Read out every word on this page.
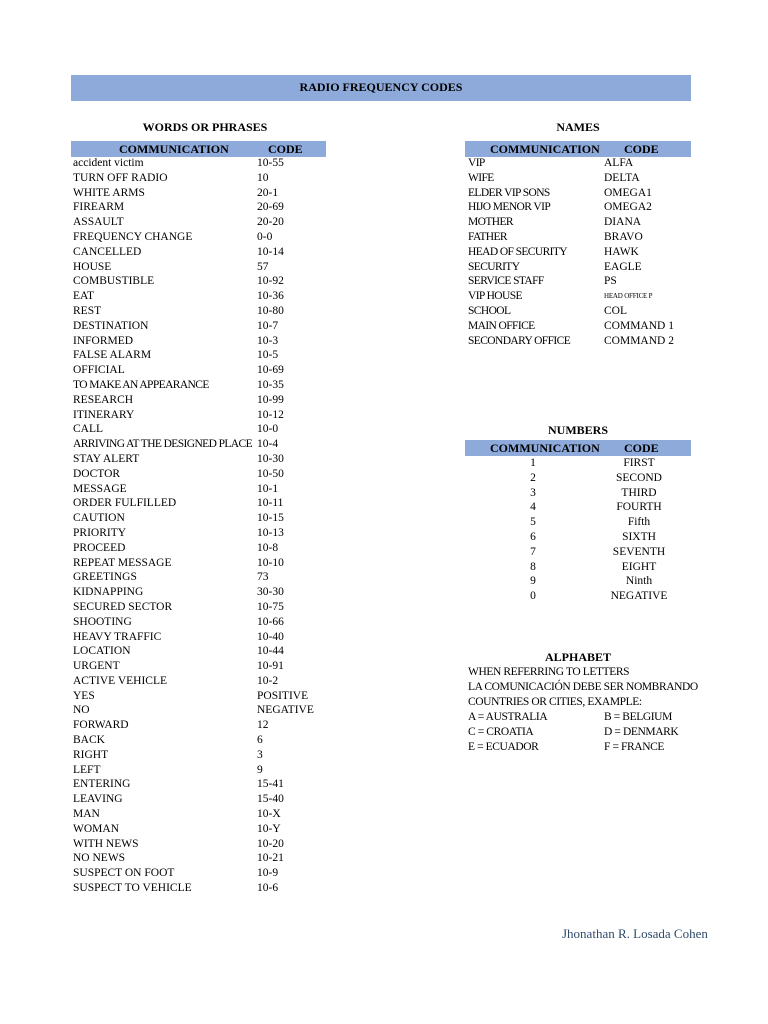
RADIO FREQUENCY CODES
WORDS OR PHRASES
COMMUNICATION	CODE
accident victim	10-55
TURN OFF RADIO	10
WHITE ARMS	20-1
FIREARM	20-69
ASSAULT	20-20
FREQUENCY CHANGE	0-0
CANCELLED	10-14
HOUSE	57
COMBUSTIBLE	10-92
EAT	10-36
REST	10-80
DESTINATION	10-7
INFORMED	10-3
FALSE ALARM	10-5
OFFICIAL	10-69
TO MAKE AN APPEARANCE	10-35
RESEARCH	10-99
ITINERARY	10-12
CALL	10-0
ARRIVING AT THE DESIGNED PLACE 10-4
STAY ALERT	10-30
DOCTOR	10-50
MESSAGE	10-1
ORDER FULFILLED	10-11
CAUTION	10-15
PRIORITY	10-13
PROCEED	10-8
REPEAT MESSAGE	10-10
GREETINGS	73
KIDNAPPING	30-30
SECURED SECTOR	10-75
SHOOTING	10-66
HEAVY TRAFFIC	10-40
LOCATION	10-44
URGENT	10-91
ACTIVE VEHICLE	10-2
YES	POSITIVE
NO	NEGATIVE
FORWARD	12
BACK	6
RIGHT	3
LEFT	9
ENTERING	15-41
LEAVING	15-40
MAN	10-X
WOMAN	10-Y
WITH NEWS	10-20
NO NEWS	10-21
SUSPECT ON FOOT	10-9
SUSPECT TO VEHICLE	10-6
NAMES
COMMUNICATION CODE
VIP	ALFA
WIFE	DELTA
ELDER VIP SONS	OMEGA1
HIJO MENOR VIP	OMEGA2
MOTHER	DIANA
FATHER	BRAVO
HEAD OF SECURITY	HAWK
SECURITY	EAGLE
SERVICE STAFF	PS
VIP HOUSE	HEAD OFFICE P
SCHOOL	COL
MAIN OFFICE	COMMAND 1
SECONDARY OFFICE	COMMAND 2
NUMBERS
COMMUNICATION CODE
1	FIRST
2	SECOND
3	THIRD
4	FOURTH
5	Fifth
6	SIXTH
7	SEVENTH
8	EIGHT
9	Ninth
0	NEGATIVE
ALPHABET
WHEN REFERRING TO LETTERS
LA COMUNICACIÓN DEBE SER NOMBRANDO
COUNTRIES OR CITIES, EXAMPLE:
A = AUSTRALIA	B = BELGIUM
C = CROATIA	D = DENMARK
E = ECUADOR	F = FRANCE
Jhonathan R. Losada Cohen
